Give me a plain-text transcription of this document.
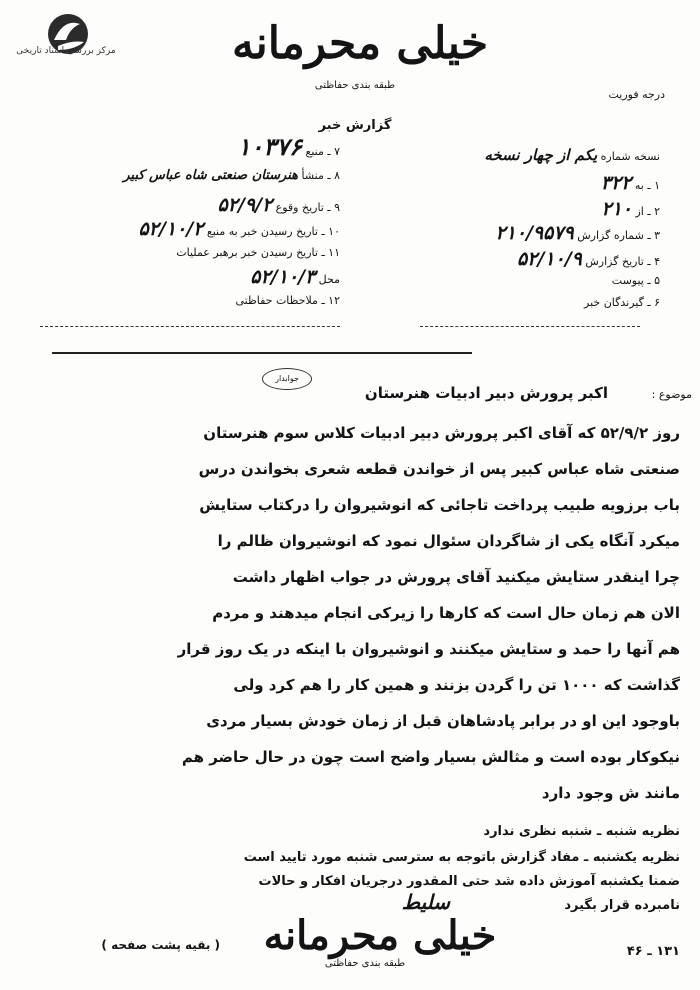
مرکز بررسی اسناد تاریخی	خیلی محرمانه
طبقه بندی حفاظتی
درجه فوریت
گزارش خبر
نسخه شماره یکم از چهار نسخه
۱ ـ به ۳۲۲
۲ ـ از ۲۱۰
۳ ـ شماره گزارش ۲۱۰/۹۵۷۹
۴ ـ تاریخ گزارش ۵۲/۱۰/۹
۵ ـ پیوست
۶ ـ گیرندگان خبر
۷ ـ منبع ۱۰۳۷۶
۸ ـ منشأ هنرستان صنعتی شاه عباس کبیر
۹ ـ تاریخ وقوع ۵۲/۹/۲
۱۰ ـ تاریخ رسیدن خبر به منبع ۵۲/۱۰/۲
۱۱ ـ تاریخ رسیدن خبر برهبر عملیات
محل ۵۲/۱۰/۳
۱۲ ـ ملاحظات حفاظتی
جوابدار
موضوع :
اکبر پرورش دبیر ادبیات هنرستان
روز ۵۲/۹/۲ که آقای اکبر پرورش دبیر ادبیات کلاس سوم هنرستان
صنعتی شاه عباس کبیر پس از خواندن قطعه شعری بخواندن درس
باب برزویه طبیب پرداخت تاجائی که انوشیروان را درکتاب ستایش
میکرد آنگاه یکی از شاگردان سئوال نمود که انوشیروان ظالم را
چرا اینقدر ستایش میکنید آقای پرورش در جواب اظهار داشت
الان هم زمان حال است که کارها را زیرکی انجام میدهند و مردم
هم آنها را حمد و ستایش میکنند و انوشیروان با اینکه در یک روز قرار
گذاشت که ۱۰۰۰ تن را گردن بزنند و همین کار را هم کرد ولی
باوجود این او در برابر پادشاهان قبل از زمان خودش بسیار مردی
نیکوکار بوده است و مثالش بسیار واضح است چون در حال حاضر هم
مانند ش وجود دارد
نظریه شنبه ـ شنبه نظری ندارد
نظریه یکشنبه ـ مفاد گزارش باتوجه به سترسی شنبه مورد تایید است
ضمنا یکشنبه آموزش داده شد حتی المقدور درجریان افکار و حالات
نامبرده قرار بگیرد
سلیط
خیلی محرمانه
طبقه بندی حفاظتی
( بقیه پشت صفحه )	۱۳۱ ـ ۴۶
